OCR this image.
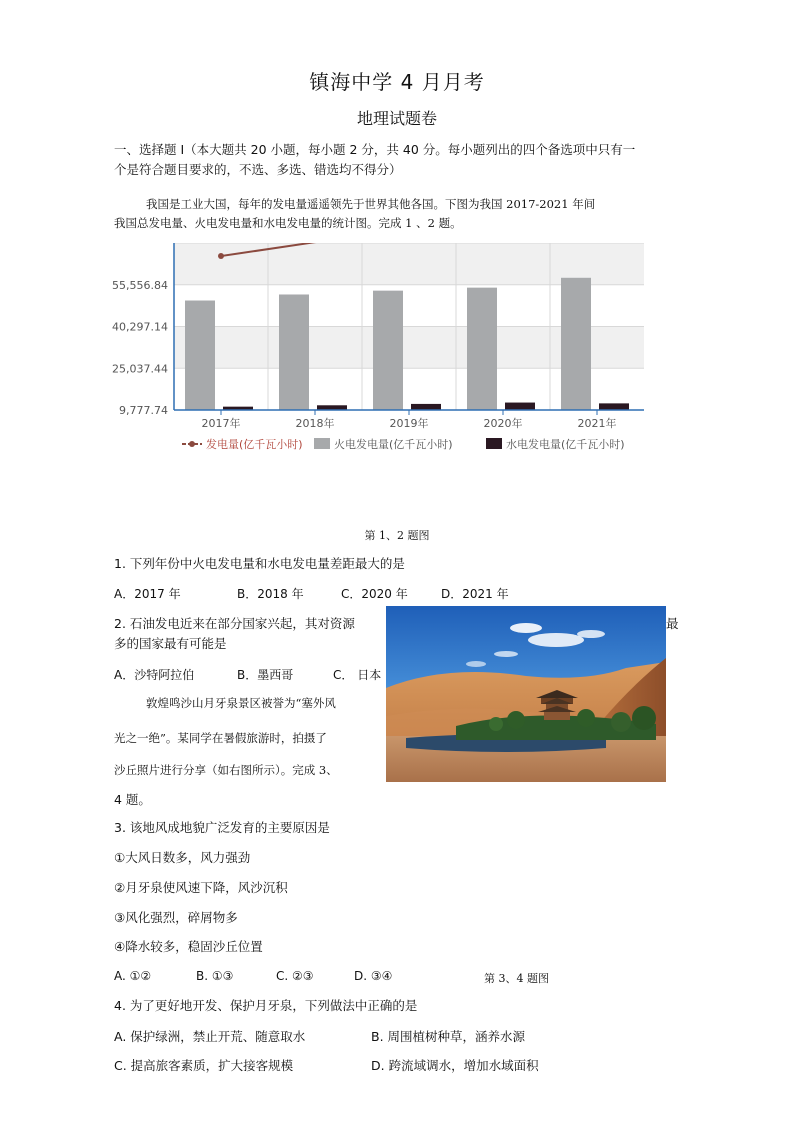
镇海中学 4 月月考
地理试题卷
一、选择题 I（本大题共 20 小题，每小题 2 分，共 40 分。每小题列出的四个备选项中只有一
个是符合题目要求的，不选、多选、错选均不得分）
我国是工业大国，每年的发电量遥遥领先于世界其他各国。下图为我国 2017-2021 年间
我国总发电量、火电发电量和水电发电量的统计图。完成 1 、2 题。
55,556.84
40,297.14
25,037.44
9,777.74
2017年	2018年	2019年	2020年	2021年
发电量(亿千瓦小时)	火电发电量(亿千瓦小时)	水电发电量(亿千瓦小时)
第 1、2 题图
1. 下列年份中火电发电量和水电发电量差距最大的是
A．2017 年	B．2018 年	C．2020 年	D．2021 年
2. 石油发电近来在部分国家兴起，其对资源	最
多的国家最有可能是
A．沙特阿拉伯	B．墨西哥	C． 日本
敦煌鸣沙山月牙泉景区被誉为“塞外风
光之一绝”。某同学在暑假旅游时，拍摄了
沙丘照片进行分享（如右图所示）。完成 3、
4 题。
3. 该地风成地貌广泛发育的主要原因是
①大风日数多，风力强劲
②月牙泉使风速下降，风沙沉积
③风化强烈，碎屑物多
④降水较多，稳固沙丘位置
A. ①②	B. ①③	C. ②③	D. ③④	第 3、4 题图
4. 为了更好地开发、保护月牙泉，下列做法中正确的是
A. 保护绿洲，禁止开荒、随意取水	B. 周围植树种草，涵养水源
C. 提高旅客素质，扩大接客规模	D. 跨流域调水，增加水域面积
